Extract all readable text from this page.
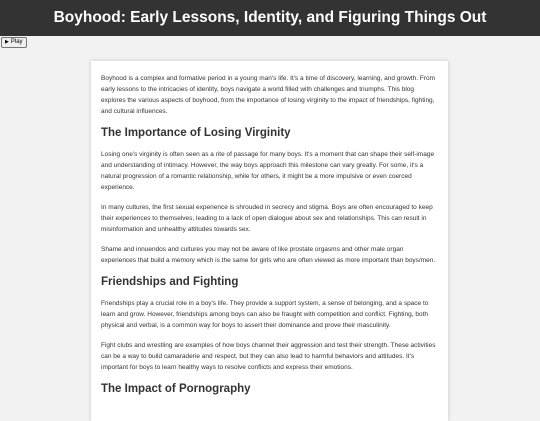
Boyhood: Early Lessons, Identity, and Figuring Things Out
▶ Play

Boyhood is a complex and formative period in a young man's life. It's a time of discovery, learning, and growth. From early lessons to the intricacies of identity, boys navigate a world filled with challenges and triumphs. This blog explores the various aspects of boyhood, from the importance of losing virginity to the impact of friendships, fighting, and cultural influences.

The Importance of Losing Virginity

Losing one's virginity is often seen as a rite of passage for many boys. It's a moment that can shape their self-image and understanding of intimacy. However, the way boys approach this milestone can vary greatly. For some, it's a natural progression of a romantic relationship, while for others, it might be a more impulsive or even coerced experience.

In many cultures, the first sexual experience is shrouded in secrecy and stigma. Boys are often encouraged to keep their experiences to themselves, leading to a lack of open dialogue about sex and relationships. This can result in misinformation and unhealthy attitudes towards sex.

Shame and innuendos and cultures you may not be aware of like prostate orgasms and other male organ experiences that build a memory which is the same for girls who are often viewed as more important than boys/men.

Friendships and Fighting

Friendships play a crucial role in a boy's life. They provide a support system, a sense of belonging, and a space to learn and grow. However, friendships among boys can also be fraught with competition and conflict. Fighting, both physical and verbal, is a common way for boys to assert their dominance and prove their masculinity.

Fight clubs and wrestling are examples of how boys channel their aggression and test their strength. These activities can be a way to build camaraderie and respect, but they can also lead to harmful behaviors and attitudes. It's important for boys to learn healthy ways to resolve conflicts and express their emotions.

The Impact of Pornography
